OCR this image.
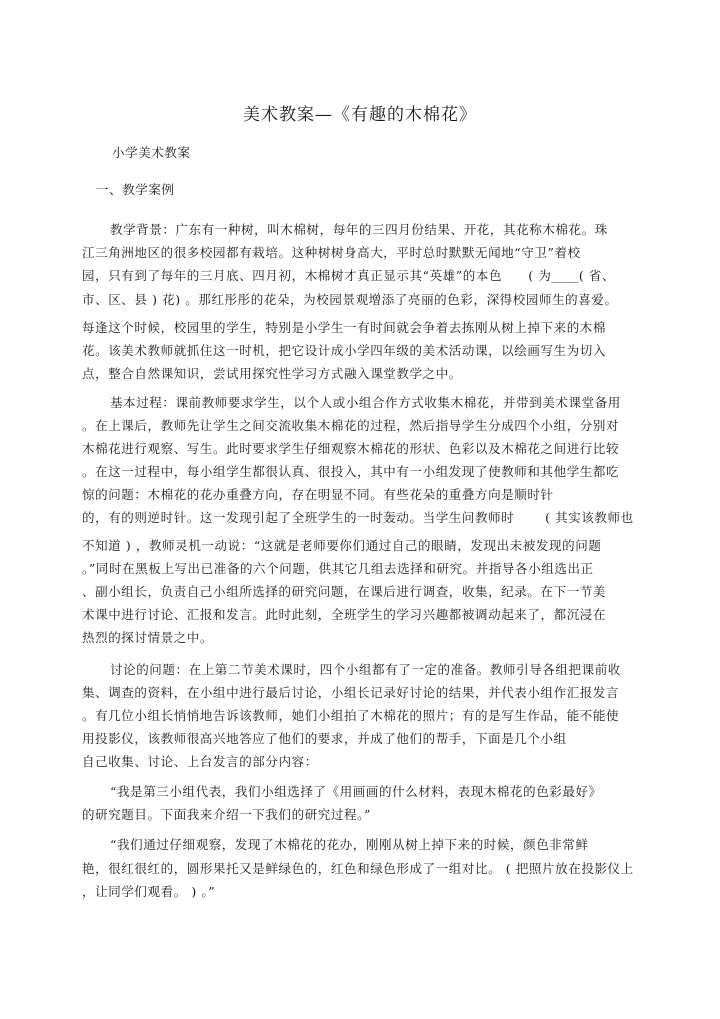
美术教案—《有趣的木棉花》
小学美术教案
一、教学案例
教学背景：广东有一种树，叫木棉树，每年的三四月份结果、开花，其花称木棉花。珠
江三角洲地区的很多校园都有栽培。这种树树身高大，平时总时默默无闻地“守卫”着校
园，只有到了每年的三月底、四月初，木棉树才真正显示其“英雄”的本色　　( 为____( 省、
市、区、县 ) 花) 。那红彤彤的花朵，为校园景观增添了亮丽的色彩，深得校园师生的喜爱。
每逢这个时候，校园里的学生，特别是小学生一有时间就会争着去拣刚从树上掉下来的木棉
花。该美术教师就抓住这一时机，把它设计成小学四年级的美术活动课，以绘画写生为切入
点，整合自然课知识，尝试用探究性学习方式融入课堂教学之中。
基本过程：课前教师要求学生，以个人或小组合作方式收集木棉花，并带到美术课堂备用
。在上课后，教师先让学生之间交流收集木棉花的过程，然后指导学生分成四个小组，分别对
木棉花进行观察、写生。此时要求学生仔细观察木棉花的形状、色彩以及木棉花之间进行比较
。在这一过程中，每小组学生都很认真、很投入，其中有一小组发现了使教师和其他学生都吃
惊的问题：木棉花的花办重叠方向，存在明显不同。有些花朵的重叠方向是顺时针
的，有的则逆时针。这一发现引起了全班学生的一时轰动。当学生问教师时　　 ( 其实该教师也
不知道 ) ，教师灵机一动说：“这就是老师要你们通过自己的眼睛，发现出未被发现的问题
。”同时在黑板上写出已准备的六个问题，供其它几组去选择和研究。并指导各小组选出正
、副小组长，负责自己小组所选择的研究问题，在课后进行调查，收集，纪录。在下一节美
术课中进行讨论、汇报和发言。此时此刻，全班学生的学习兴趣都被调动起来了，都沉浸在
热烈的探讨情景之中。
讨论的问题：在上第二节美术课时，四个小组都有了一定的准备。教师引导各组把课前收
集、调查的资料，在小组中进行最后讨论，小组长记录好讨论的结果，并代表小组作汇报发言
。有几位小组长悄悄地告诉该教师，她们小组拍了木棉花的照片；有的是写生作品，能不能使
用投影仪，该教师很高兴地答应了他们的要求，并成了他们的帮手，下面是几个小组
自己收集、讨论、上台发言的部分内容：
“我是第三小组代表，我们小组选择了《用画画的什么材料，表现木棉花的色彩最好》
的研究题目。下面我来介绍一下我们的研究过程。”
“我们通过仔细观察，发现了木棉花的花办，刚刚从树上掉下来的时候，颜色非常鲜
艳，很红很红的，圆形果托又是鲜绿色的，红色和绿色形成了一组对比。 ( 把照片放在投影仪上
，让同学们观看。 ) 。”
